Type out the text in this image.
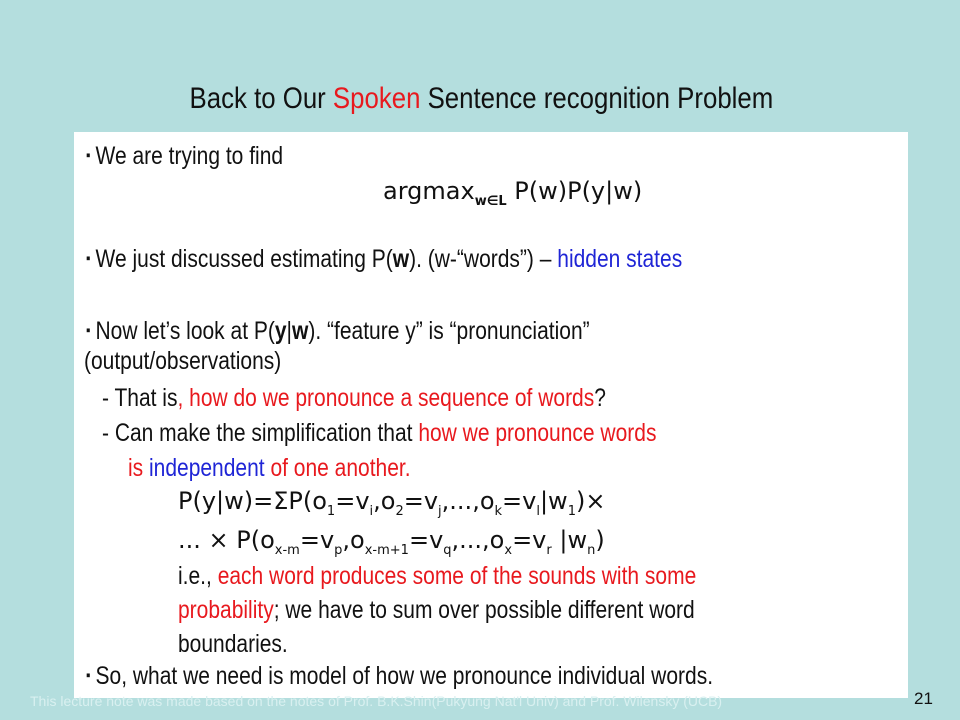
Back to Our Spoken Sentence recognition Problem
▪ We are trying to find
argmax$_{w\in L}$ P(w)P(y|w)
▪ We just discussed estimating P(w). (w-“words”) – hidden states
▪ Now let’s look at P(y|w). “feature y” is “pronunciation”
(output/observations)
- That is, how do we pronounce a sequence of words?
- Can make the simplification that how we pronounce words
is independent of one another.
$P(y|w)=\Sigma P(o_1=v_i,o_2=v_j,...,o_k=v_l|w_1)\times$
... × $P(o_{x-m}=v_p,o_{x-m+1}=v_q,...,o_x=v_r$ $|w_n$)
i.e., each word produces some of the sounds with some
probability; we have to sum over possible different word
boundaries.
▪ So, what we need is model of how we pronounce individual words.
This lecture note was made based on the notes of Prof. B.K.Shin(Pukyung Nat'l Univ) and Prof. Wilensky (UCB)	21
